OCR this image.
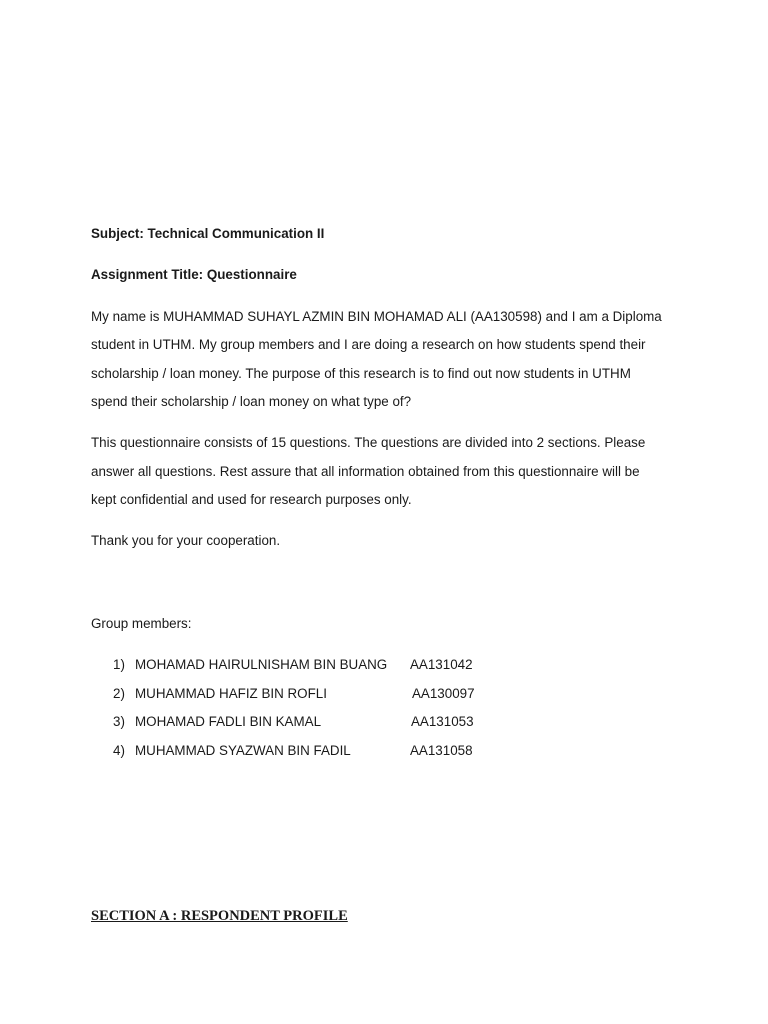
Subject: Technical Communication II
Assignment Title: Questionnaire
My name is MUHAMMAD SUHAYL AZMIN BIN MOHAMAD ALI (AA130598) and I am a Diploma
student in UTHM. My group members and I are doing a research on how students spend their
scholarship / loan money. The purpose of this research is to find out now students in UTHM
spend their scholarship / loan money on what type of?
This questionnaire consists of 15 questions. The questions are divided into 2 sections. Please
answer all questions. Rest assure that all information obtained from this questionnaire will be
kept confidential and used for research purposes only.
Thank you for your cooperation.
Group members:
1) MOHAMAD HAIRULNISHAM BIN BUANG AA131042
2) MUHAMMAD HAFIZ BIN ROFLI	AA130097
3) MOHAMAD FADLI BIN KAMAL	AA131053
4) MUHAMMAD SYAZWAN BIN FADIL	AA131058
SECTION A : RESPONDENT PROFILE
